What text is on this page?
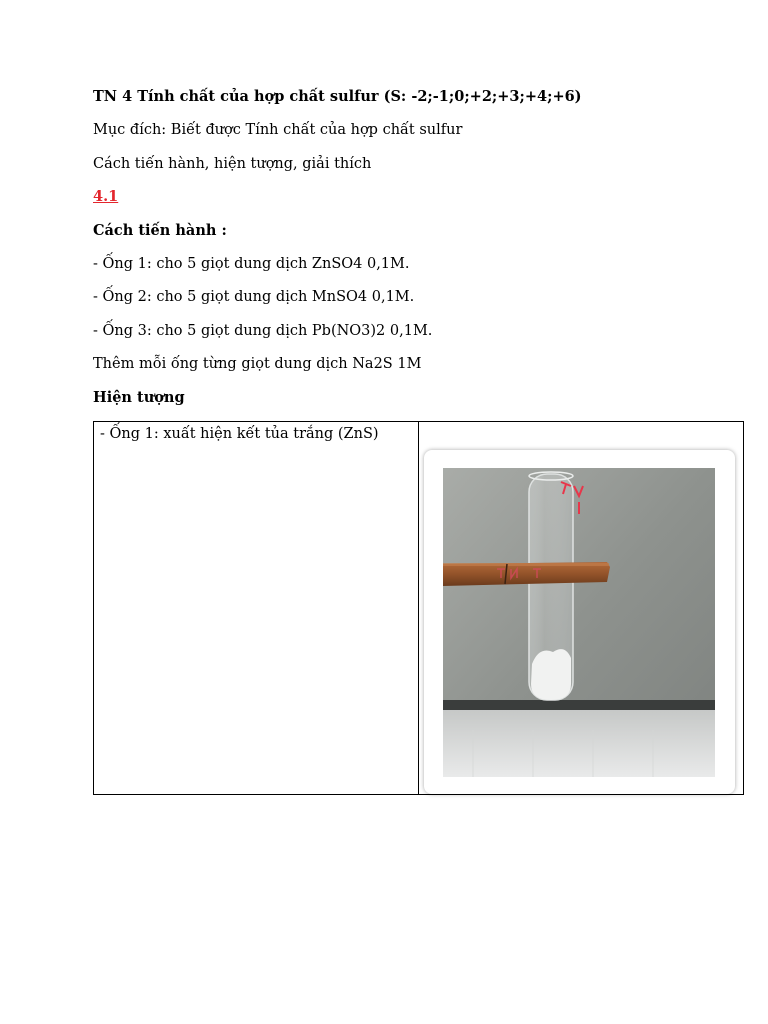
TN 4 Tính chất của hợp chất sulfur (S: -2;-1;0;+2;+3;+4;+6)
Mục đích: Biết được Tính chất của hợp chất sulfur
Cách tiến hành, hiện tượng, giải thích
4.1
Cách tiến hành :
- Ống 1: cho 5 giọt dung dịch ZnSO4 0,1M.
- Ống 2: cho 5 giọt dung dịch MnSO4 0,1M.
- Ống 3: cho 5 giọt dung dịch Pb(NO3)2 0,1M.
Thêm mỗi ống từng giọt dung dịch Na2S 1M
Hiện tượng
- Ống 1: xuất hiện kết tủa trắng (ZnS)
